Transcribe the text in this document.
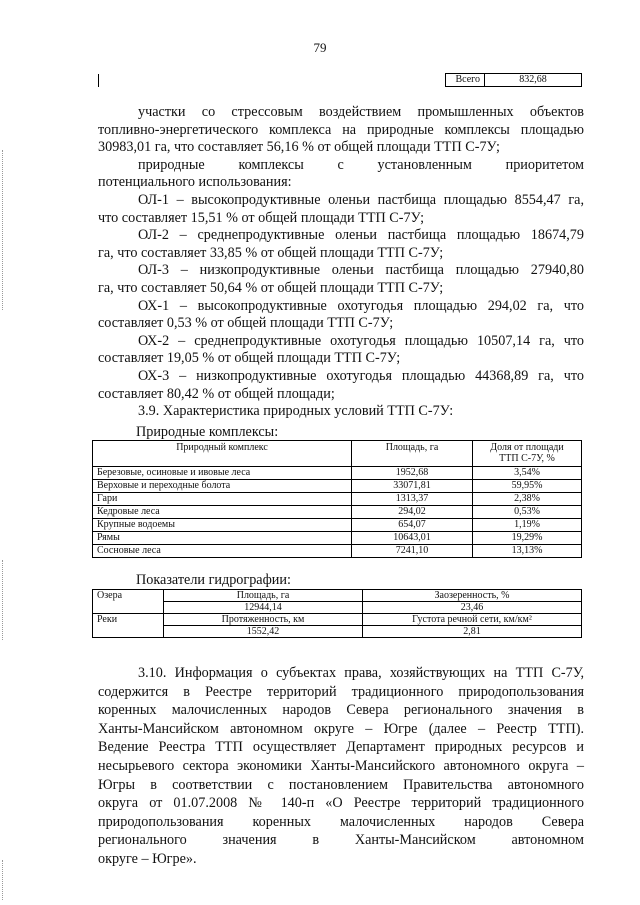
79
	Всего	832,68

участки со стрессовым воздействием промышленных объектов

топливно-энергетического комплекса на природные комплексы площадью

30983,01 га, что составляет 56,16 % от общей площади ТТП С-7У;

природные комплексы с установленным приоритетом

потенциального использования:

ОЛ-1 – высокопродуктивные оленьи пастбища площадью 8554,47 га,

что составляет 15,51 % от общей площади ТТП С-7У;

ОЛ-2 – среднепродуктивные оленьи пастбища площадью 18674,79

га, что составляет 33,85 % от общей площади ТТП С-7У;

ОЛ-3 – низкопродуктивные оленьи пастбища площадью 27940,80

га, что составляет 50,64 % от общей площади ТТП С-7У;

ОХ-1 – высокопродуктивные охотугодья площадью 294,02 га, что

составляет 0,53 % от общей площади ТТП С-7У;

ОХ-2 – среднепродуктивные охотугодья площадью 10507,14 га, что

составляет 19,05 % от общей площади ТТП С-7У;

ОХ-3 – низкопродуктивные охотугодья площадью 44368,89 га, что

составляет 80,42 % от общей площади;

3.9. Характеристика природных условий ТТП С-7У:

Природные комплексы:
Природный комплекс	Площадь, га	Доля от площади ТТП С-7У, %
Березовые, осиновые и ивовые леса	1952,68	3,54%
Верховые и переходные болота	33071,81	59,95%
Гари	1313,37	2,38%
Кедровые леса	294,02	0,53%
Крупные водоемы	654,07	1,19%
Рямы	10643,01	19,29%
Сосновые леса	7241,10	13,13%
Показатели гидрографии:
Озера	Площадь, га	Заозеренность, %
	12944,14	23,46
Реки	Протяженность, км	Густота речной сети, км/км²
	1552,42	2,81

3.10. Информация о субъектах права, хозяйствующих на ТТП С-7У,

содержится в Реестре территорий традиционного природопользования

коренных малочисленных народов Севера регионального значения в

Ханты-Мансийском автономном округе – Югре (далее – Реестр ТТП).

Ведение Реестра ТТП осуществляет Департамент природных ресурсов и

несырьевого сектора экономики Ханты-Мансийского автономного округа –

Югры в соответствии с постановлением Правительства автономного

округа от 01.07.2008 № 140-п «О Реестре территорий традиционного

природопользования коренных малочисленных народов Севера

регионального значения в Ханты-Мансийском автономном

округе – Югре».
